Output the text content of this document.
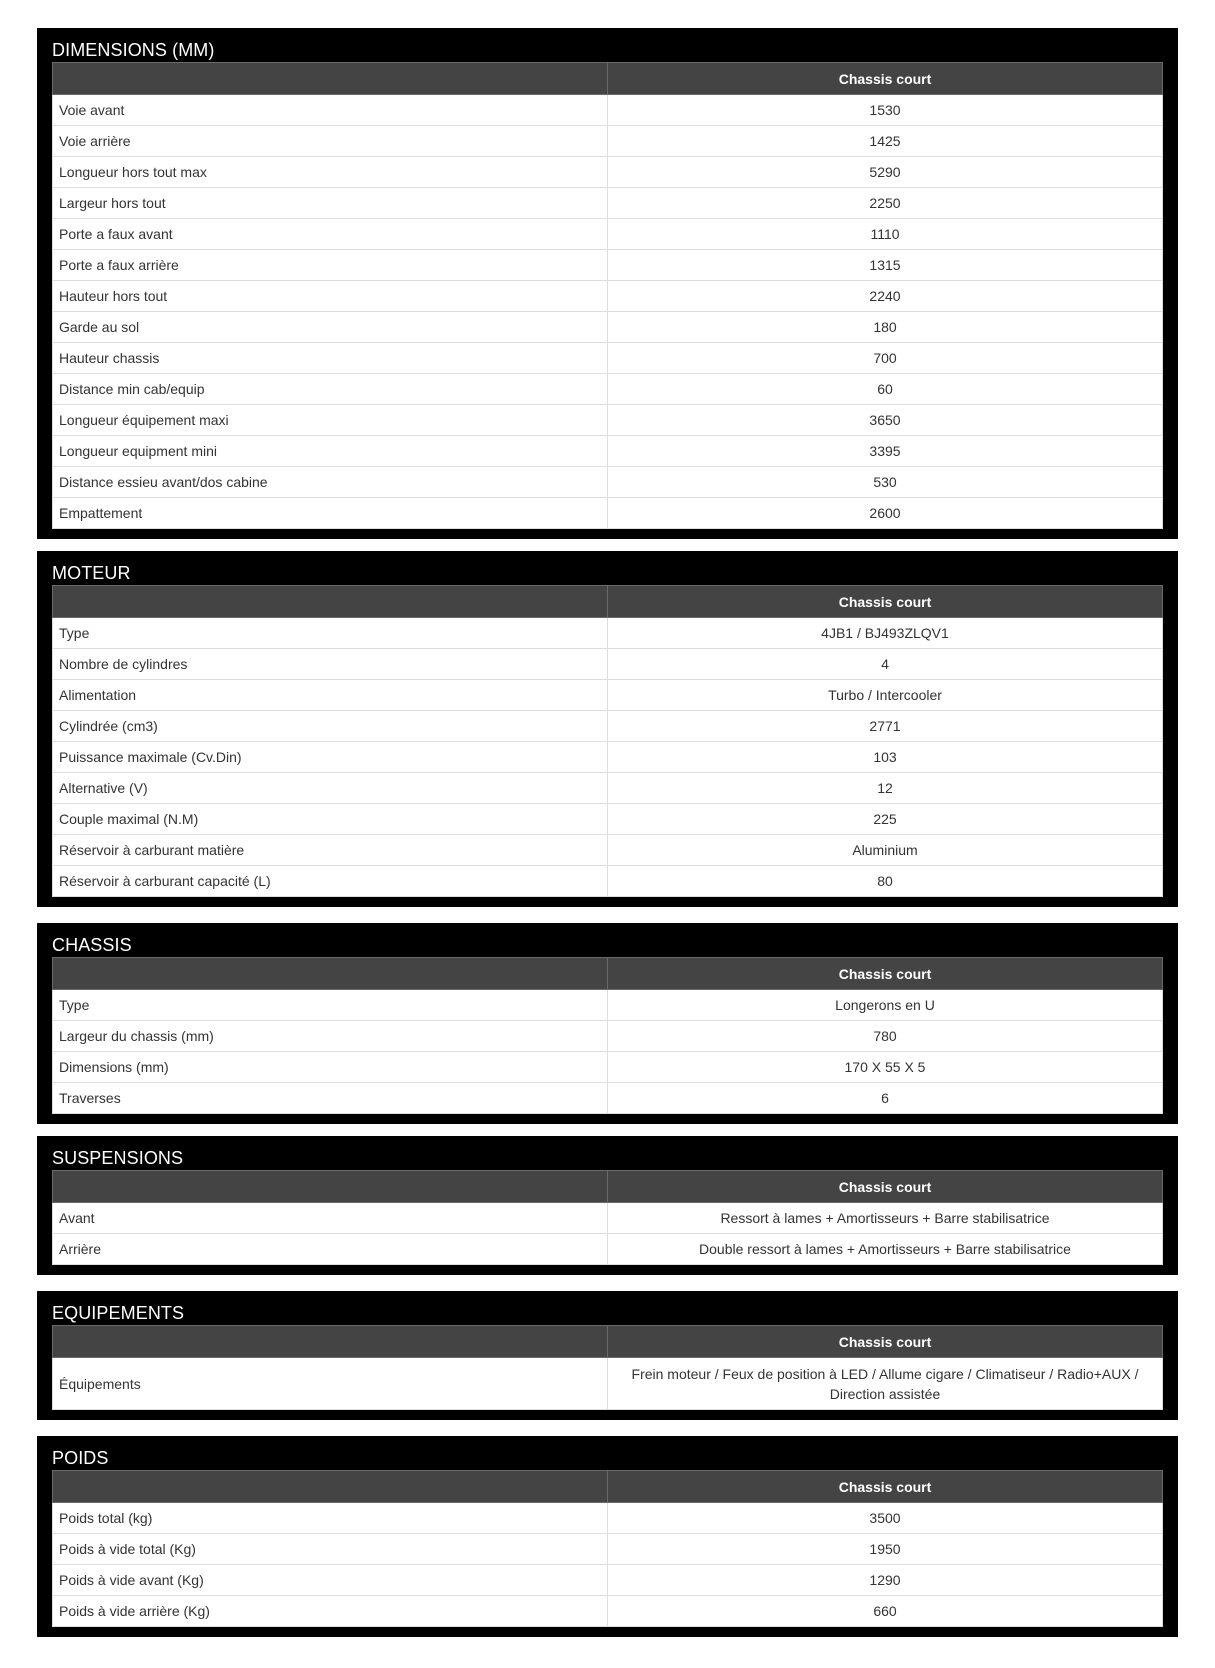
DIMENSIONS (MM)
	Chassis court
Voie avant	1530
Voie arrière	1425
Longueur hors tout max	5290
Largeur hors tout	2250
Porte a faux avant	1110
Porte a faux arrière	1315
Hauteur hors tout	2240
Garde au sol	180
Hauteur chassis	700
Distance min cab/equip	60
Longueur équipement maxi	3650
Longueur equipment mini	3395
Distance essieu avant/dos cabine	530
Empattement	2600
MOTEUR
	Chassis court
Type	4JB1 / BJ493ZLQV1
Nombre de cylindres	4
Alimentation	Turbo / Intercooler
Cylindrée (cm3)	2771
Puissance maximale (Cv.Din)	103
Alternative (V)	12
Couple maximal (N.M)	225
Réservoir à carburant matière	Aluminium
Réservoir à carburant capacité (L)	80
CHASSIS
	Chassis court
Type	Longerons en U
Largeur du chassis (mm)	780
Dimensions (mm)	170 X 55 X 5
Traverses	6
SUSPENSIONS
	Chassis court
Avant	Ressort à lames + Amortisseurs + Barre stabilisatrice
Arrière	Double ressort à lames + Amortisseurs + Barre stabilisatrice
EQUIPEMENTS
	Chassis court
Équipements	Frein moteur / Feux de position à LED / Allume cigare / Climatiseur / Radio+AUX / Direction assistée
POIDS
	Chassis court
Poids total (kg)	3500
Poids à vide total (Kg)	1950
Poids à vide avant (Kg)	1290
Poids à vide arrière (Kg)	660
